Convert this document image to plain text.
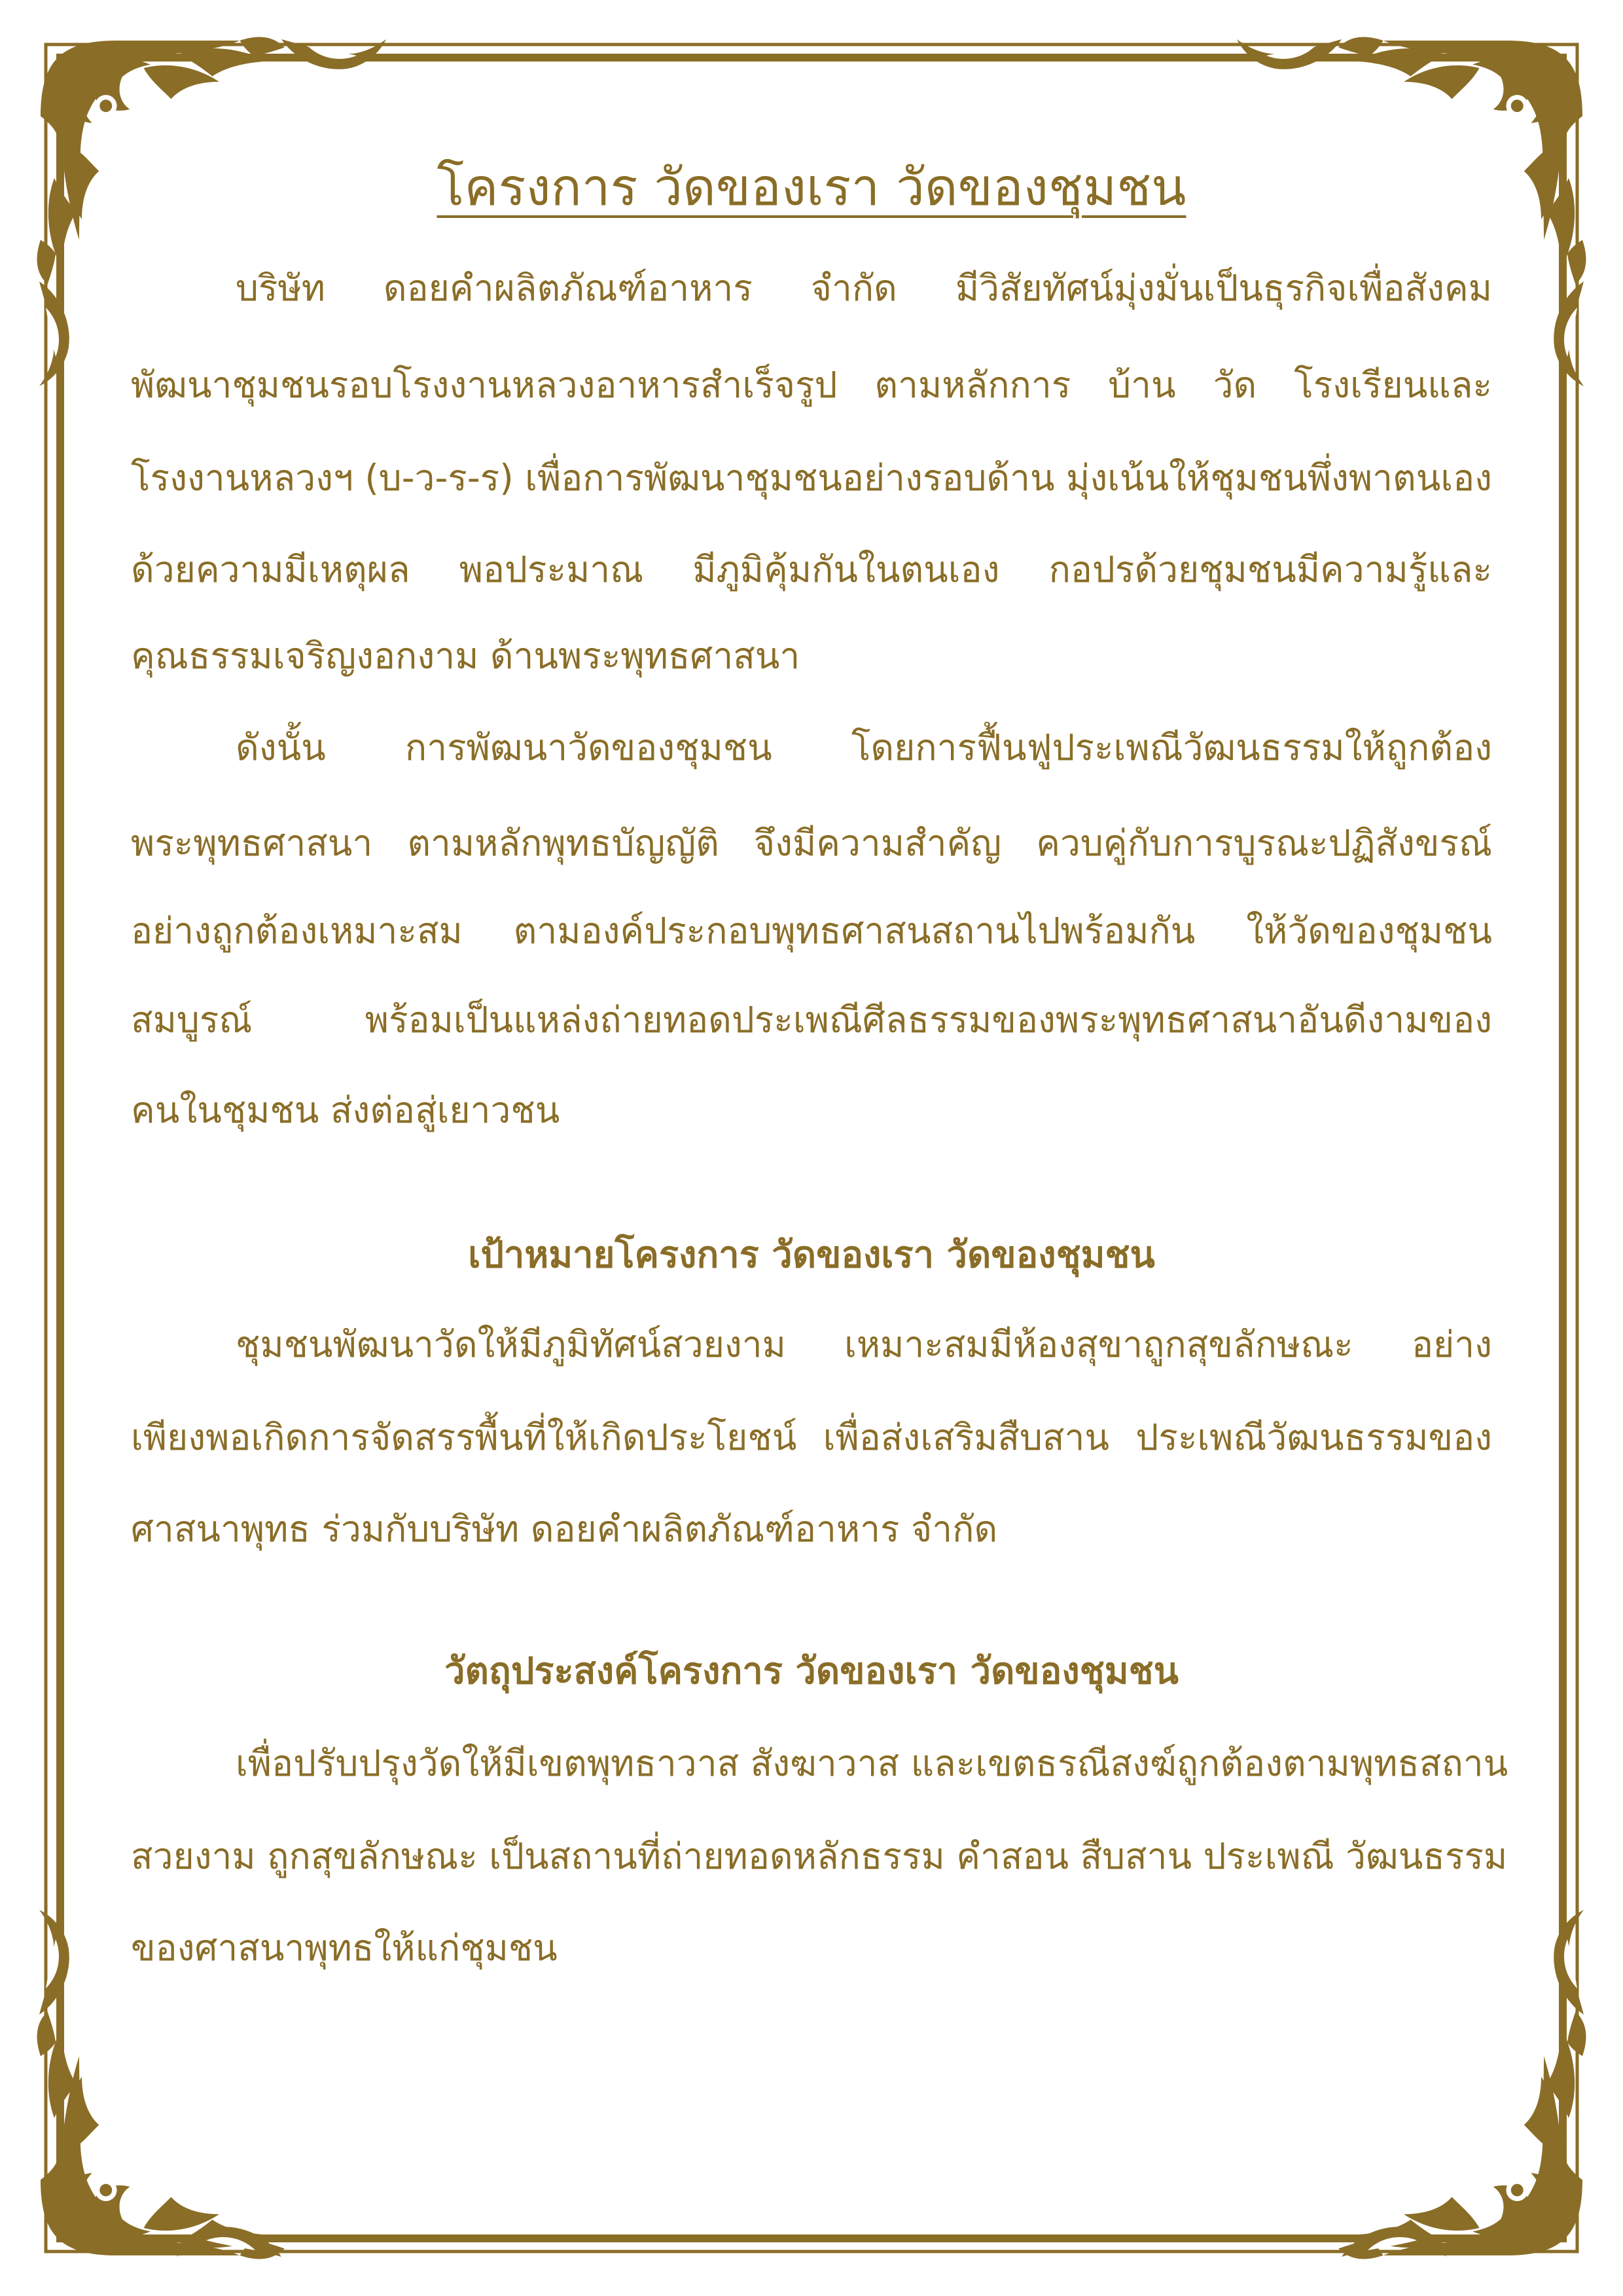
โครงการ วัดของเรา วัดของชุมชน

บริษัท ดอยคำผลิตภัณฑ์อาหาร จำกัด มีวิสัยทัศน์มุ่งมั่นเป็นธุรกิจเพื่อสังคม

พัฒนาชุมชนรอบโรงงานหลวงอาหารสำเร็จรูป ตามหลักการ บ้าน วัด โรงเรียนและ

โรงงานหลวงฯ (บ-ว-ร-ร) เพื่อการพัฒนาชุมชนอย่างรอบด้าน มุ่งเน้นให้ชุมชนพึ่งพาตนเอง

ด้วยความมีเหตุผล พอประมาณ มีภูมิคุ้มกันในตนเอง กอปรด้วยชุมชนมีความรู้และ

คุณธรรมเจริญงอกงาม ด้านพระพุทธศาสนา

ดังนั้น การพัฒนาวัดของชุมชน โดยการฟื้นฟูประเพณีวัฒนธรรมให้ถูกต้อง

พระพุทธศาสนา ตามหลักพุทธบัญญัติ จึงมีความสำคัญ ควบคู่กับการบูรณะปฏิสังขรณ์

อย่างถูกต้องเหมาะสม ตามองค์ประกอบพุทธศาสนสถานไปพร้อมกัน ให้วัดของชุมชน

สมบูรณ์ พร้อมเป็นแหล่งถ่ายทอดประเพณีศีลธรรมของพระพุทธศาสนาอันดีงามของ

คนในชุมชน ส่งต่อสู่เยาวชน

เป้าหมายโครงการ วัดของเรา วัดของชุมชน

ชุมชนพัฒนาวัดให้มีภูมิทัศน์สวยงาม เหมาะสมมีห้องสุขาถูกสุขลักษณะ อย่าง

เพียงพอเกิดการจัดสรรพื้นที่ให้เกิดประโยชน์ เพื่อส่งเสริมสืบสาน ประเพณีวัฒนธรรมของ

ศาสนาพุทธ ร่วมกับบริษัท ดอยคำผลิตภัณฑ์อาหาร จำกัด

วัตถุประสงค์โครงการ วัดของเรา วัดของชุมชน

เพื่อปรับปรุงวัดให้มีเขตพุทธาวาส สังฆาวาส และเขตธรณีสงฆ์ถูกต้องตามพุทธสถาน

สวยงาม ถูกสุขลักษณะ เป็นสถานที่ถ่ายทอดหลักธรรม คำสอน สืบสาน ประเพณี วัฒนธรรม

ของศาสนาพุทธให้แก่ชุมชน
